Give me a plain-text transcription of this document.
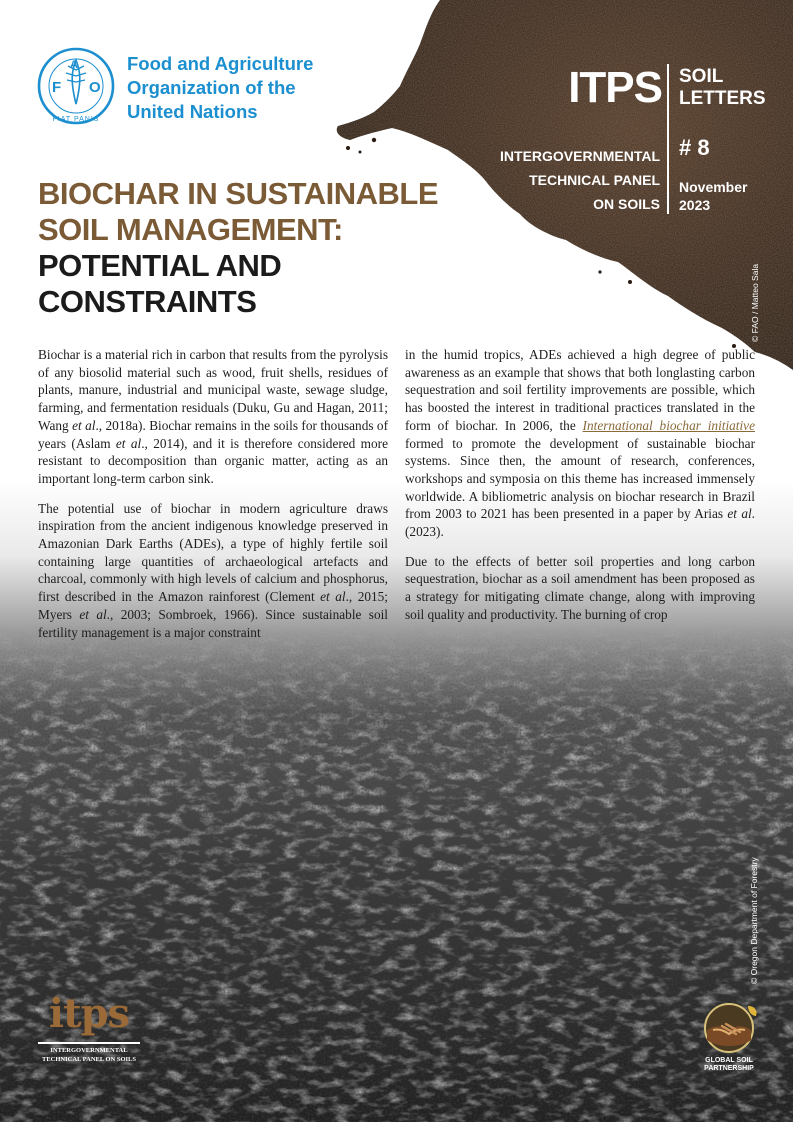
F
A
O
FIAT PANIS
Food and Agriculture
Organization of the
United Nations	ITPS SOIL
LETTERS
INTERGOVERNMENTAL
TECHNICAL PANEL
ON SOILS
# 8
November
2023
© FAO / Matteo Sala
© Oregon Department of Forestry
BIOCHAR IN SUSTAINABLE
SOIL MANAGEMENT:
POTENTIAL AND
CONSTRAINTS

Biochar is a material rich in carbon that results from the pyrolysis of any biosolid material such as wood, fruit shells, residues of plants, manure, industrial and municipal waste, sewage sludge, farming, and fermentation residuals (Duku, Gu and Hagan, 2011; Wang et al., 2018a). Biochar remains in the soils for thousands of years (Aslam et al., 2014), and it is therefore considered more resistant to decomposition than organic matter, acting as an important long-term carbon sink.

The potential use of biochar in modern agriculture draws inspiration from the ancient indigenous knowledge preserved in Amazonian Dark Earths (ADEs), a type of highly fertile soil containing large quantities of archaeological artefacts and charcoal, commonly with high levels of calcium and phosphorus, first described in the Amazon rainforest (Clement et al., 2015; Myers et al., 2003; Sombroek, 1966). Since sustainable soil fertility management is a major constraint

in the humid tropics, ADEs achieved a high degree of public awareness as an example that shows that both longlasting carbon sequestration and soil fertility improvements are possible, which has boosted the interest in traditional practices translated in the form of biochar. In 2006, the International biochar initiative formed to promote the development of sustainable biochar systems. Since then, the amount of research, conferences, workshops and symposia on this theme has increased immensely worldwide. A bibliometric analysis on biochar research in Brazil from 2003 to 2021 has been presented in a paper by Arias et al. (2023).

Due to the effects of better soil properties and long carbon sequestration, biochar as a soil amendment has been proposed as a strategy for mitigating climate change, along with improving soil quality and productivity. The burning of crop

itps
INTERGOVERNMENTAL
TECHNICAL PANEL ON SOILS	GLOBAL SOIL
PARTNERSHIP
